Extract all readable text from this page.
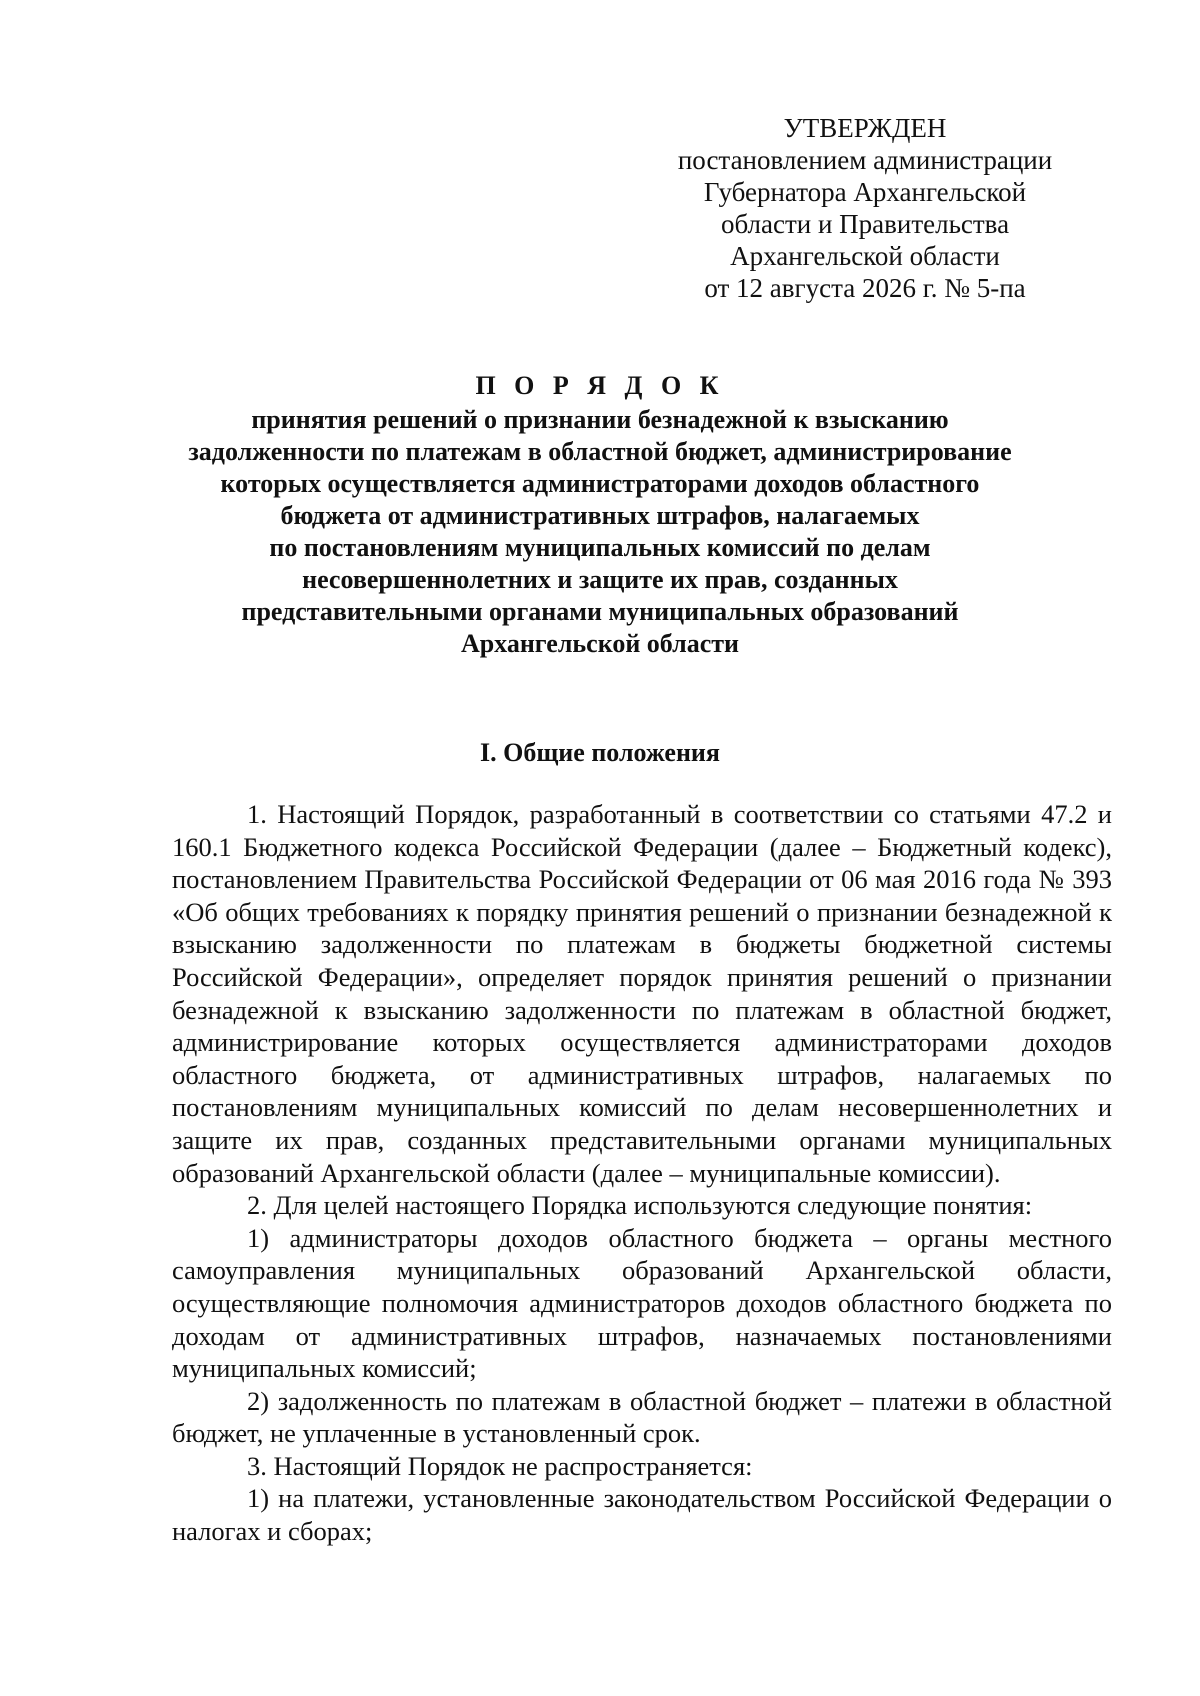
УТВЕРЖДЕН
постановлением администрации
Губернатора Архангельской
области и Правительства
Архангельской области
от 12 августа 2026 г. № 5-па
П О Р Я Д О К
принятия решений о признании безнадежной к взысканию
задолженности по платежам в областной бюджет, администрирование
которых осуществляется администраторами доходов областного
бюджета от административных штрафов, налагаемых
по постановлениям муниципальных комиссий по делам
несовершеннолетних и защите их прав, созданных
представительными органами муниципальных образований
Архангельской области
I. Общие положения

1. Настоящий Порядок, разработанный в соответствии со статьями 47.2 и 160.1 Бюджетного кодекса Российской Федерации (далее – Бюджетный кодекс), постановлением Правительства Российской Федерации от 06 мая 2016 года № 393 «Об общих требованиях к порядку принятия решений о признании безнадежной к взысканию задолженности по платежам в бюджеты бюджетной системы Российской Федерации», определяет порядок принятия решений о признании безнадежной к взысканию задолженности по платежам в областной бюджет, администрирование которых осуществляется администраторами доходов областного бюджета, от административных штрафов, налагаемых по постановлениям муниципальных комиссий по делам несовершеннолетних и защите их прав, созданных представительными органами муниципальных образований Архангельской области (далее – муниципальные комиссии).

2. Для целей настоящего Порядка используются следующие понятия:

1) администраторы доходов областного бюджета – органы местного самоуправления муниципальных образований Архангельской области, осуществляющие полномочия администраторов доходов областного бюджета по доходам от административных штрафов, назначаемых постановлениями муниципальных комиссий;

2) задолженность по платежам в областной бюджет – платежи в областной бюджет, не уплаченные в установленный срок.

3. Настоящий Порядок не распространяется:

1) на платежи, установленные законодательством Российской Федерации о налогах и сборах;
